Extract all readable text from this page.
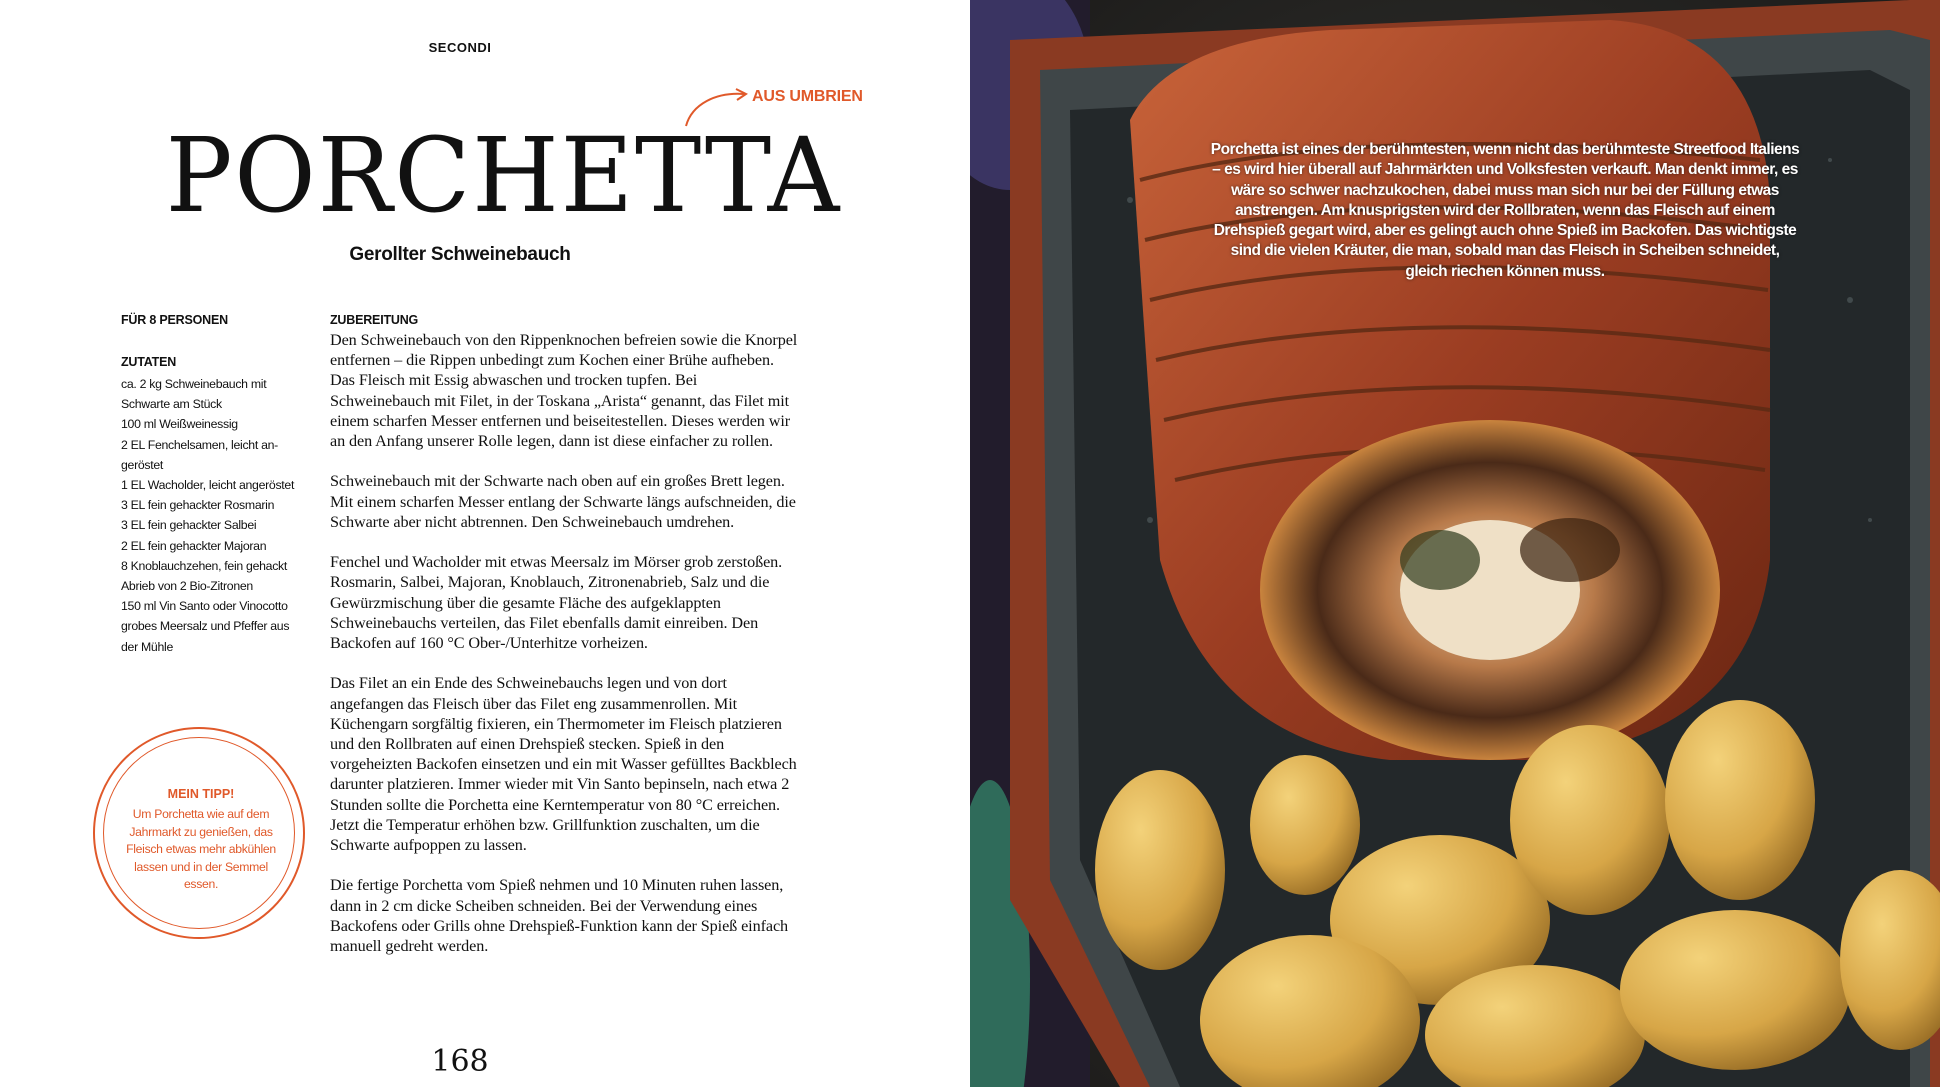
SECONDI
AUS UMBRIEN
PORCHETTA
Gerollter Schweinebauch
FÜR 8 PERSONEN
ZUTATEN
ca. 2 kg Schweinebauch mit
Schwarte am Stück
100 ml Weißweinessig
2 EL Fenchelsamen, leicht an-
geröstet
1 EL Wacholder, leicht angeröstet
3 EL fein gehackter Rosmarin
3 EL fein gehackter Salbei
2 EL fein gehackter Majoran
8 Knoblauchzehen, fein gehackt
Abrieb von 2 Bio-Zitronen
150 ml Vin Santo oder Vinocotto
grobes Meersalz und Pfeffer aus
der Mühle
ZUBEREITUNG

Den Schweinebauch von den Rippenknochen befreien sowie die Knorpel entfernen – die Rippen unbedingt zum Kochen einer Brühe aufheben. Das Fleisch mit Essig abwaschen und trocken tupfen. Bei Schweinebauch mit Filet, in der Toskana „Arista“ genannt, das Filet mit einem scharfen Messer entfernen und beiseitestellen. Dieses werden wir an den Anfang unserer Rolle legen, dann ist diese einfacher zu rollen.

Schweinebauch mit der Schwarte nach oben auf ein großes Brett legen. Mit einem scharfen Messer entlang der Schwarte längs aufschneiden, die Schwarte aber nicht abtrennen. Den Schweinebauch umdrehen.

Fenchel und Wacholder mit etwas Meersalz im Mörser grob zerstoßen. Rosmarin, Salbei, Majoran, Knoblauch, Zitronenabrieb, Salz und die Gewürzmischung über die gesamte Fläche des aufgeklappten Schweinebauchs verteilen, das Filet ebenfalls damit einreiben. Den Backofen auf 160 °C Ober-/Unterhitze vorheizen.

Das Filet an ein Ende des Schweinebauchs legen und von dort angefangen das Fleisch über das Filet eng zusammenrollen. Mit Küchengarn sorgfältig fixieren, ein Thermometer im Fleisch platzieren und den Rollbraten auf einen Drehspieß stecken. Spieß in den vorgeheizten Backofen einsetzen und ein mit Wasser gefülltes Backblech darunter platzieren. Immer wieder mit Vin Santo bepinseln, nach etwa 2 Stunden sollte die Porchetta eine Kerntemperatur von 80 °C erreichen. Jetzt die Temperatur erhöhen bzw. Grillfunktion zuschalten, um die Schwarte aufpoppen zu lassen.

Die fertige Porchetta vom Spieß nehmen und 10 Minuten ruhen lassen, dann in 2 cm dicke Scheiben schneiden. Bei der Verwendung eines Backofens oder Grills ohne Drehspieß-Funktion kann der Spieß einfach manuell gedreht werden.

MEIN TIPP!
Um Porchetta wie auf dem Jahrmarkt zu genießen, das Fleisch etwas mehr abkühlen lassen und in der Semmel essen.
168
Porchetta ist eines der berühmtesten, wenn nicht das berühmteste Streetfood Italiens – es wird hier überall auf Jahrmärkten und Volksfesten verkauft. Man denkt immer, es wäre so schwer nachzukochen, dabei muss man sich nur bei der Füllung etwas anstrengen. Am knusprigsten wird der Rollbraten, wenn das Fleisch auf einem Drehspieß gegart wird, aber es gelingt auch ohne Spieß im Backofen. Das wichtigste sind die vielen Kräuter, die man, sobald man das Fleisch in Scheiben schneidet, gleich riechen können muss.
